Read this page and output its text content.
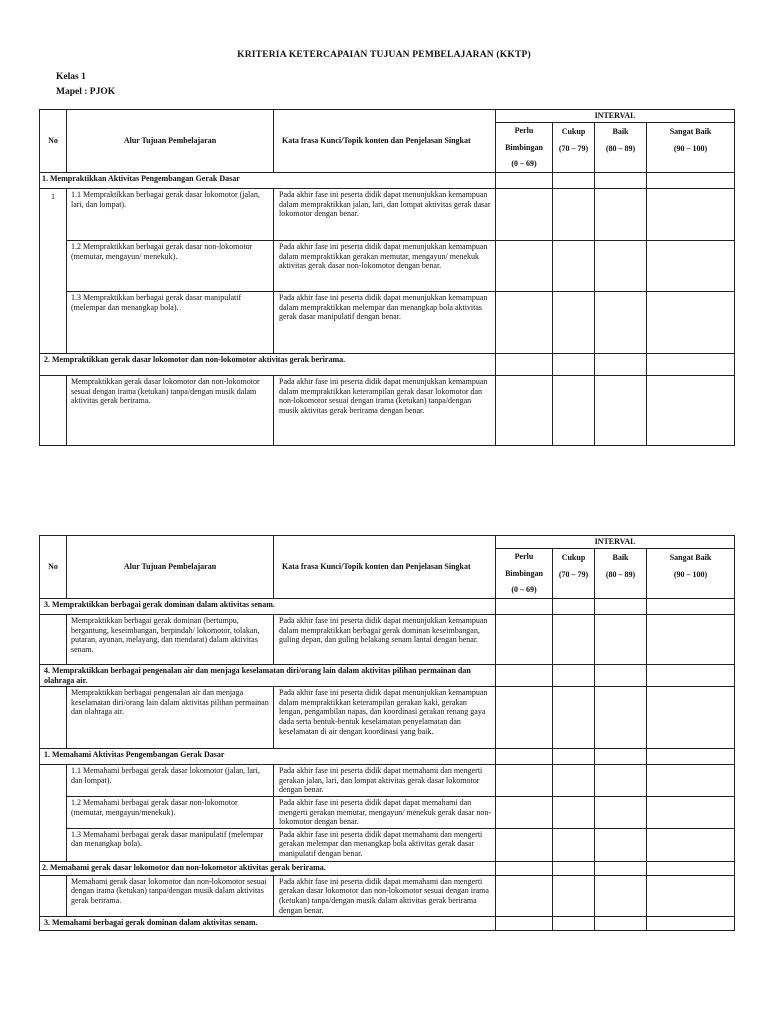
KRITERIA KETERCAPAIAN TUJUAN PEMBELAJARAN (KKTP)
Kelas 1
Mapel : PJOK
No	Alur Tujuan Pembelajaran	Kata frasa Kunci/Topik konten dan Penjelasan Singkat	INTERVAL			

			Perlu
Bimbingan
(0 – 69)	Cukup
(70 – 79)	Baik
(80 – 89)	Sangat Baik
(90 – 100)

1. Mempraktikkan Aktivitas Pengembangan Gerak Dasar						
1	1.1 Mempraktikkan berbagai gerak dasar lokomotor (jalan, lari, dan lompat).	Pada akhir fase ini peserta didik dapat menunjukkan kemampuan dalam mempraktikkan jalan, lari, dan lompat aktivitas gerak dasar lokomotor dengan benar.				
	1.2 Mempraktikkan berbagai gerak dasar non-lokomotor (memutar, mengayun/ menekuk).	Pada akhir fase ini peserta didik dapat menunjukkan kemampuan dalam mempraktikkan gerakan memutar, mengayun/ menekuk aktivitas gerak dasar non-lokomotor dengan benar.				
	1.3 Mempraktikkan berbagai gerak dasar manipulatif (melempar dan menangkap bola).	Pada akhir fase ini peserta didik dapat menunjukkan kemampuan dalam mempraktikkan melempar dan menangkap bola aktivitas gerak dasar manipulatif dengan benar.				
2. Mempraktikkan gerak dasar lokomotor dan non-lokomotor aktivitas gerak berirama.						
	Mempraktikkan gerak dasar lokomotor dan non-lokomotor sesuai dengan irama (ketukan) tanpa/dengan musik dalam aktivitas gerak berirama.	Pada akhir fase ini peserta didik dapat menunjukkan kemampuan dalam mempraktikkan keterampilan gerak dasar lokomotor dan non-lokomotor sesuai dengan irama (ketukan) tanpa/dengan musik aktivitas gerak berirama dengan benar.				
No	Alur Tujuan Pembelajaran	Kata frasa Kunci/Topik konten dan Penjelasan Singkat	INTERVAL			

			Perlu
Bimbingan
(0 – 69)	Cukup
(70 – 79)	Baik
(80 – 89)	Sangat Baik
(90 – 100)

3. Mempraktikkan berbagai gerak dominan dalam aktivitas senam.						
	Mempraktikkan berbagai gerak dominan (bertumpu, bergantung, keseimbangan, berpindah/ lokomotor, tolakan, putaran, ayunan, melayang, dan mendarat) dalam aktivitas senam.	Pada akhir fase ini peserta didik dapat menunjukkan kemampuan dalam mempraktikkan berbagai gerak dominan keseimbangan, guling depan, dan guling belakang senam lantai dengan benar.				
4. Mempraktikkan berbagai pengenalan air dan menjaga keselamatan diri/orang lain dalam aktivitas pilihan permainan dan olahraga air.						
	Mempraktikkan berbagai pengenalan air dan menjaga keselamatan diri/orang lain dalam aktivitas pilihan permainan dan olahraga air.	Pada akhir fase ini peserta didik dapat menunjukkan kemampuan dalam mempraktikkan keterampilan gerakan kaki, gerakan lengan, pengambilan napas, dan koordinasi gerakan renang gaya dada serta bentuk-bentuk keselamatan penyelamatan dan keselamatan di air dengan koordinasi yang baik.				
1. Memahami Aktivitas Pengembangan Gerak Dasar						
	1.1 Memahami berbagai gerak dasar lokomotor (jalan, lari, dan lompat).	Pada akhir fase ini peserta didik dapat memahami dan mengerti gerakan jalan, lari, dan lompat aktivitas gerak dasar lokomotor dengan benar.				
	1.2 Memahami berbagai gerak dasar non-lokomotor (memutar, mengayun/menekuk).	Pada akhir fase ini peserta didik dapat dapat memahami dan mengerti gerakan memutar, mengayun/ menekuk gerak dasar non-lokomotor dengan benar.				
	1.3 Memahami berbagai gerak dasar manipulatif (melempar dan menangkap bola).	Pada akhir fase ini peserta didik dapat memahami dan mengerti gerakan melempar dan menangkap bola aktivitas gerak dasar manipulatif dengan benar.				
2. Memahami gerak dasar lokomotor dan non-lokomotor aktivitas gerak berirama.						
	Memahami gerak dasar lokomotor dan non-lokomotor sesuai dengan irama (ketukan) tanpa/dengan musik dalam aktivitas gerak berirama.	Pada akhir fase ini peserta didik dapat memahami dan mengerti gerakan dasar lokomotor dan non-lokomotor sesuai dengan irama (ketukan) tanpa/dengan musik dalam aktivitas gerak berirama dengan benar.				
3. Memahami berbagai gerak dominan dalam aktivitas senam.						
